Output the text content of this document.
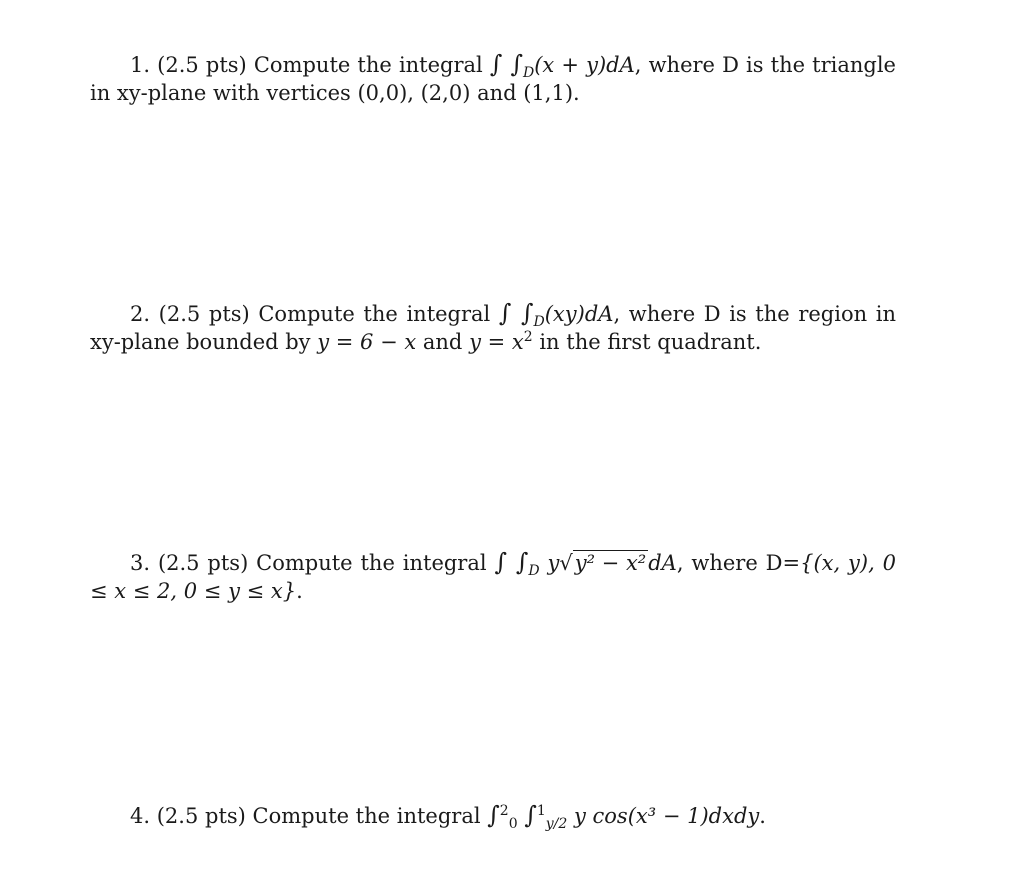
1. (2.5 pts) Compute the integral ∫ $\int_D(x + y)dA$, where D is the triangle in xy-plane with vertices (0,0), (2,0) and (1,1).

2. (2.5 pts) Compute the integral ∫ $\int_D(xy)dA$, where D is the region in xy-plane bounded by y = 6 − x and $y = x^2$ in the first quadrant.

3. (2.5 pts) Compute the integral ∫ $\int_D$ y√y² − x²dA, where D={(x, y), 0 ≤ x ≤ 2, 0 ≤ y ≤ x}.

4. (2.5 pts) Compute the integral ∫$^2_0$ ∫$^1_{y/2}$ y cos(x³ − 1)dxdy.
